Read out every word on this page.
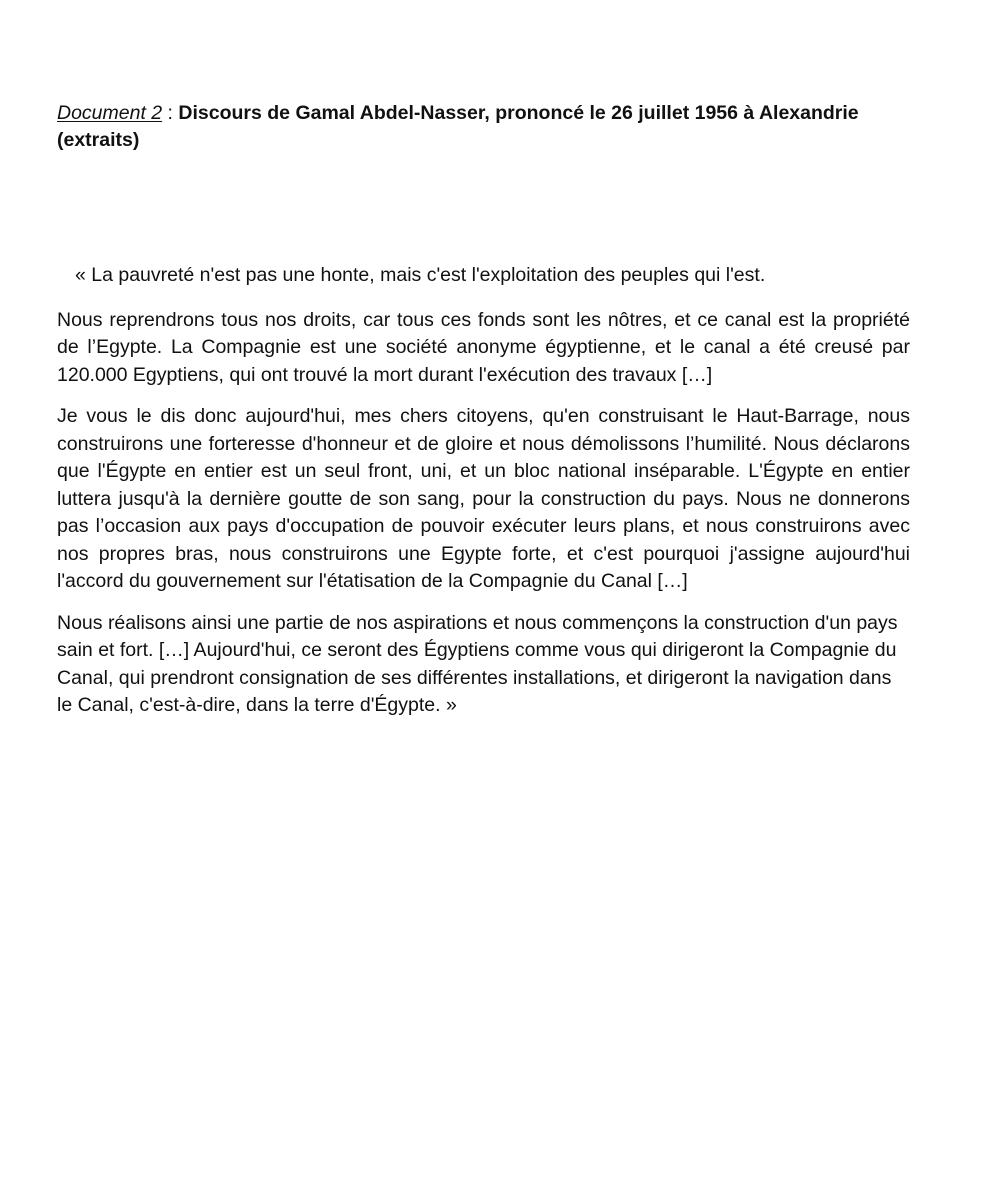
Document 2 : Discours de Gamal Abdel-Nasser, prononcé le 26 juillet 1956 à Alexandrie (extraits)

« La pauvreté n'est pas une honte, mais c'est l'exploitation des peuples qui l'est.

Nous reprendrons tous nos droits, car tous ces fonds sont les nôtres, et ce canal est la propriété de l’Egypte. La Compagnie est une société anonyme égyptienne, et le canal a été creusé par 120.000 Egyptiens, qui ont trouvé la mort durant l'exécution des travaux […]

Je vous le dis donc aujourd'hui, mes chers citoyens, qu'en construisant le Haut-Barrage, nous construirons une forteresse d'honneur et de gloire et nous démolissons l’humilité. Nous déclarons que l'Égypte en entier est un seul front, uni, et un bloc national inséparable. L'Égypte en entier luttera jusqu'à la dernière goutte de son sang, pour la construction du pays. Nous ne donnerons pas l’occasion aux pays d'occupation de pouvoir exécuter leurs plans, et nous construirons avec nos propres bras, nous construirons une Egypte forte, et c'est pourquoi j'assigne aujourd'hui l'accord du gouvernement sur l'étatisation de la Compagnie du Canal […]

Nous réalisons ainsi une partie de nos aspirations et nous commençons la construction d'un pays sain et fort. […] Aujourd'hui, ce seront des Égyptiens comme vous qui dirigeront la Compagnie du Canal, qui prendront consignation de ses différentes installations, et dirigeront la navigation dans le Canal, c'est-à-dire, dans la terre d'Égypte. »
